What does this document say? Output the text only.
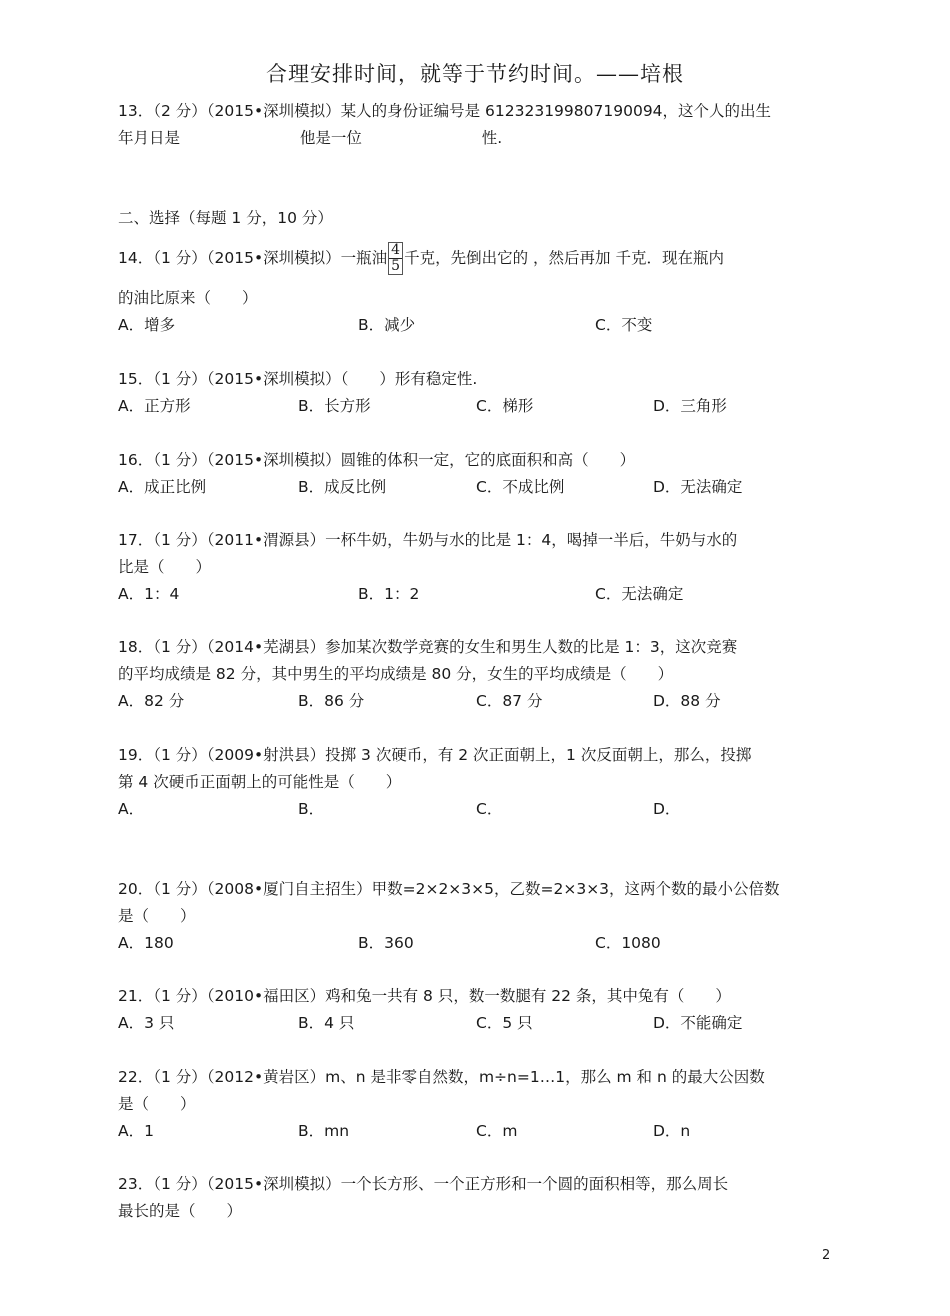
合理安排时间，就等于节约时间。——培根
13．（2 分）（2015•深圳模拟）某人的身份证编号是 612323199807190094，这个人的出生
年月日是	他是一位	性.
二、选择（每题 1 分，10 分）
14．（1 分）（2015•深圳模拟）一瓶油 $\frac{4}{5}$ 千克，先倒出它的 ，然后再加 千克．现在瓶内
的油比原来（　　）
A．增多	B．减少	C．不变
15．（1 分）（2015•深圳模拟）（　　）形有稳定性.
A．正方形	B．长方形	C．梯形	D．三角形
16．（1 分）（2015•深圳模拟）圆锥的体积一定，它的底面积和高（　　）
A．成正比例	B．成反比例	C．不成比例	D．无法确定
17．（1 分）（2011•渭源县）一杯牛奶，牛奶与水的比是 1：4，喝掉一半后，牛奶与水的
比是（　　）
A．1：4	B．1：2	C．无法确定
18．（1 分）（2014•芜湖县）参加某次数学竞赛的女生和男生人数的比是 1：3，这次竞赛
的平均成绩是 82 分，其中男生的平均成绩是 80 分，女生的平均成绩是（　　）
A．82 分	B．86 分	C．87 分	D．88 分
19．（1 分）（2009•射洪县）投掷 3 次硬币，有 2 次正面朝上，1 次反面朝上，那么，投掷
第 4 次硬币正面朝上的可能性是（　　）
A．	B．	C．	D．
20．（1 分）（2008•厦门自主招生）甲数=2×2×3×5，乙数=2×3×3，这两个数的最小公倍数
是（　　）
A．180	B．360	C．1080
21．（1 分）（2010•福田区）鸡和兔一共有 8 只，数一数腿有 22 条，其中兔有（　　）
A．3 只	B．4 只	C．5 只	D．不能确定
22．（1 分）（2012•黄岩区）m、n 是非零自然数，m÷n=1…1，那么 m 和 n 的最大公因数
是（　　）
A．1	B．mn	C．m	D．n
23．（1 分）（2015•深圳模拟）一个长方形、一个正方形和一个圆的面积相等，那么周长
最长的是（　　）
2
